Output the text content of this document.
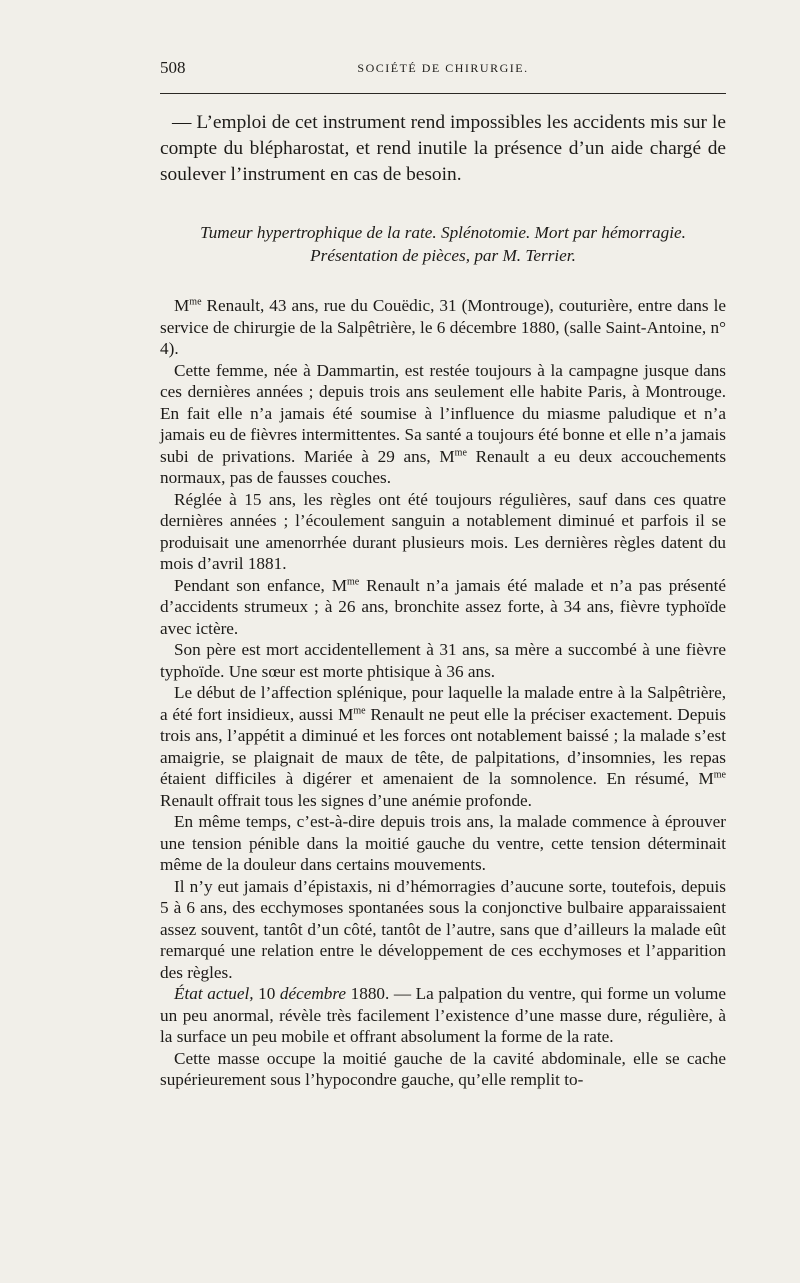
508	SOCIÉTÉ DE CHIRURGIE.

— L’emploi de cet instrument rend impossibles les accidents mis sur le compte du blépharostat, et rend inutile la présence d’un aide chargé de soulever l’instrument en cas de besoin.

Tumeur hypertrophique de la rate. Splénotomie. Mort par hémorragie.
Présentation de pièces, par M. Terrier.

$M^{me}$ Renault, 43 ans, rue du Couëdic, 31 (Montrouge), couturière, entre dans le service de chirurgie de la Salpêtrière, le 6 décembre 1880, (salle Saint-Antoine, n° 4).

Cette femme, née à Dammartin, est restée toujours à la campagne jusque dans ces dernières années ; depuis trois ans seulement elle habite Paris, à Montrouge. En fait elle n’a jamais été soumise à l’influence du miasme paludique et n’a jamais eu de fièvres intermittentes. Sa santé a toujours été bonne et elle n’a jamais subi de privations. Mariée à 29 ans, $M^{me}$ Renault a eu deux accouchements normaux, pas de fausses couches.

Réglée à 15 ans, les règles ont été toujours régulières, sauf dans ces quatre dernières années ; l’écoulement sanguin a notablement diminué et parfois il se produisait une amenorrhée durant plusieurs mois. Les dernières règles datent du mois d’avril 1881.

Pendant son enfance, $M^{me}$ Renault n’a jamais été malade et n’a pas présenté d’accidents strumeux ; à 26 ans, bronchite assez forte, à 34 ans, fièvre typhoïde avec ictère.

Son père est mort accidentellement à 31 ans, sa mère a succombé à une fièvre typhoïde. Une sœur est morte phtisique à 36 ans.

Le début de l’affection splénique, pour laquelle la malade entre à la Salpêtrière, a été fort insidieux, aussi $M^{me}$ Renault ne peut elle la préciser exactement. Depuis trois ans, l’appétit a diminué et les forces ont notablement baissé ; la malade s’est amaigrie, se plaignait de maux de tête, de palpitations, d’insomnies, les repas étaient difficiles à digérer et amenaient de la somnolence. En résumé, $M^{me}$ Renault offrait tous les signes d’une anémie profonde.

En même temps, c’est-à-dire depuis trois ans, la malade commence à éprouver une tension pénible dans la moitié gauche du ventre, cette tension déterminait même de la douleur dans certains mouvements.

Il n’y eut jamais d’épistaxis, ni d’hémorragies d’aucune sorte, toutefois, depuis 5 à 6 ans, des ecchymoses spontanées sous la conjonctive bulbaire apparaissaient assez souvent, tantôt d’un côté, tantôt de l’autre, sans que d’ailleurs la malade eût remarqué une relation entre le développement de ces ecchymoses et l’apparition des règles.

État actuel, 10 décembre 1880. — La palpation du ventre, qui forme un volume un peu anormal, révèle très facilement l’existence d’une masse dure, régulière, à la surface un peu mobile et offrant absolument la forme de la rate.

Cette masse occupe la moitié gauche de la cavité abdominale, elle se cache supérieurement sous l’hypocondre gauche, qu’elle remplit to-
